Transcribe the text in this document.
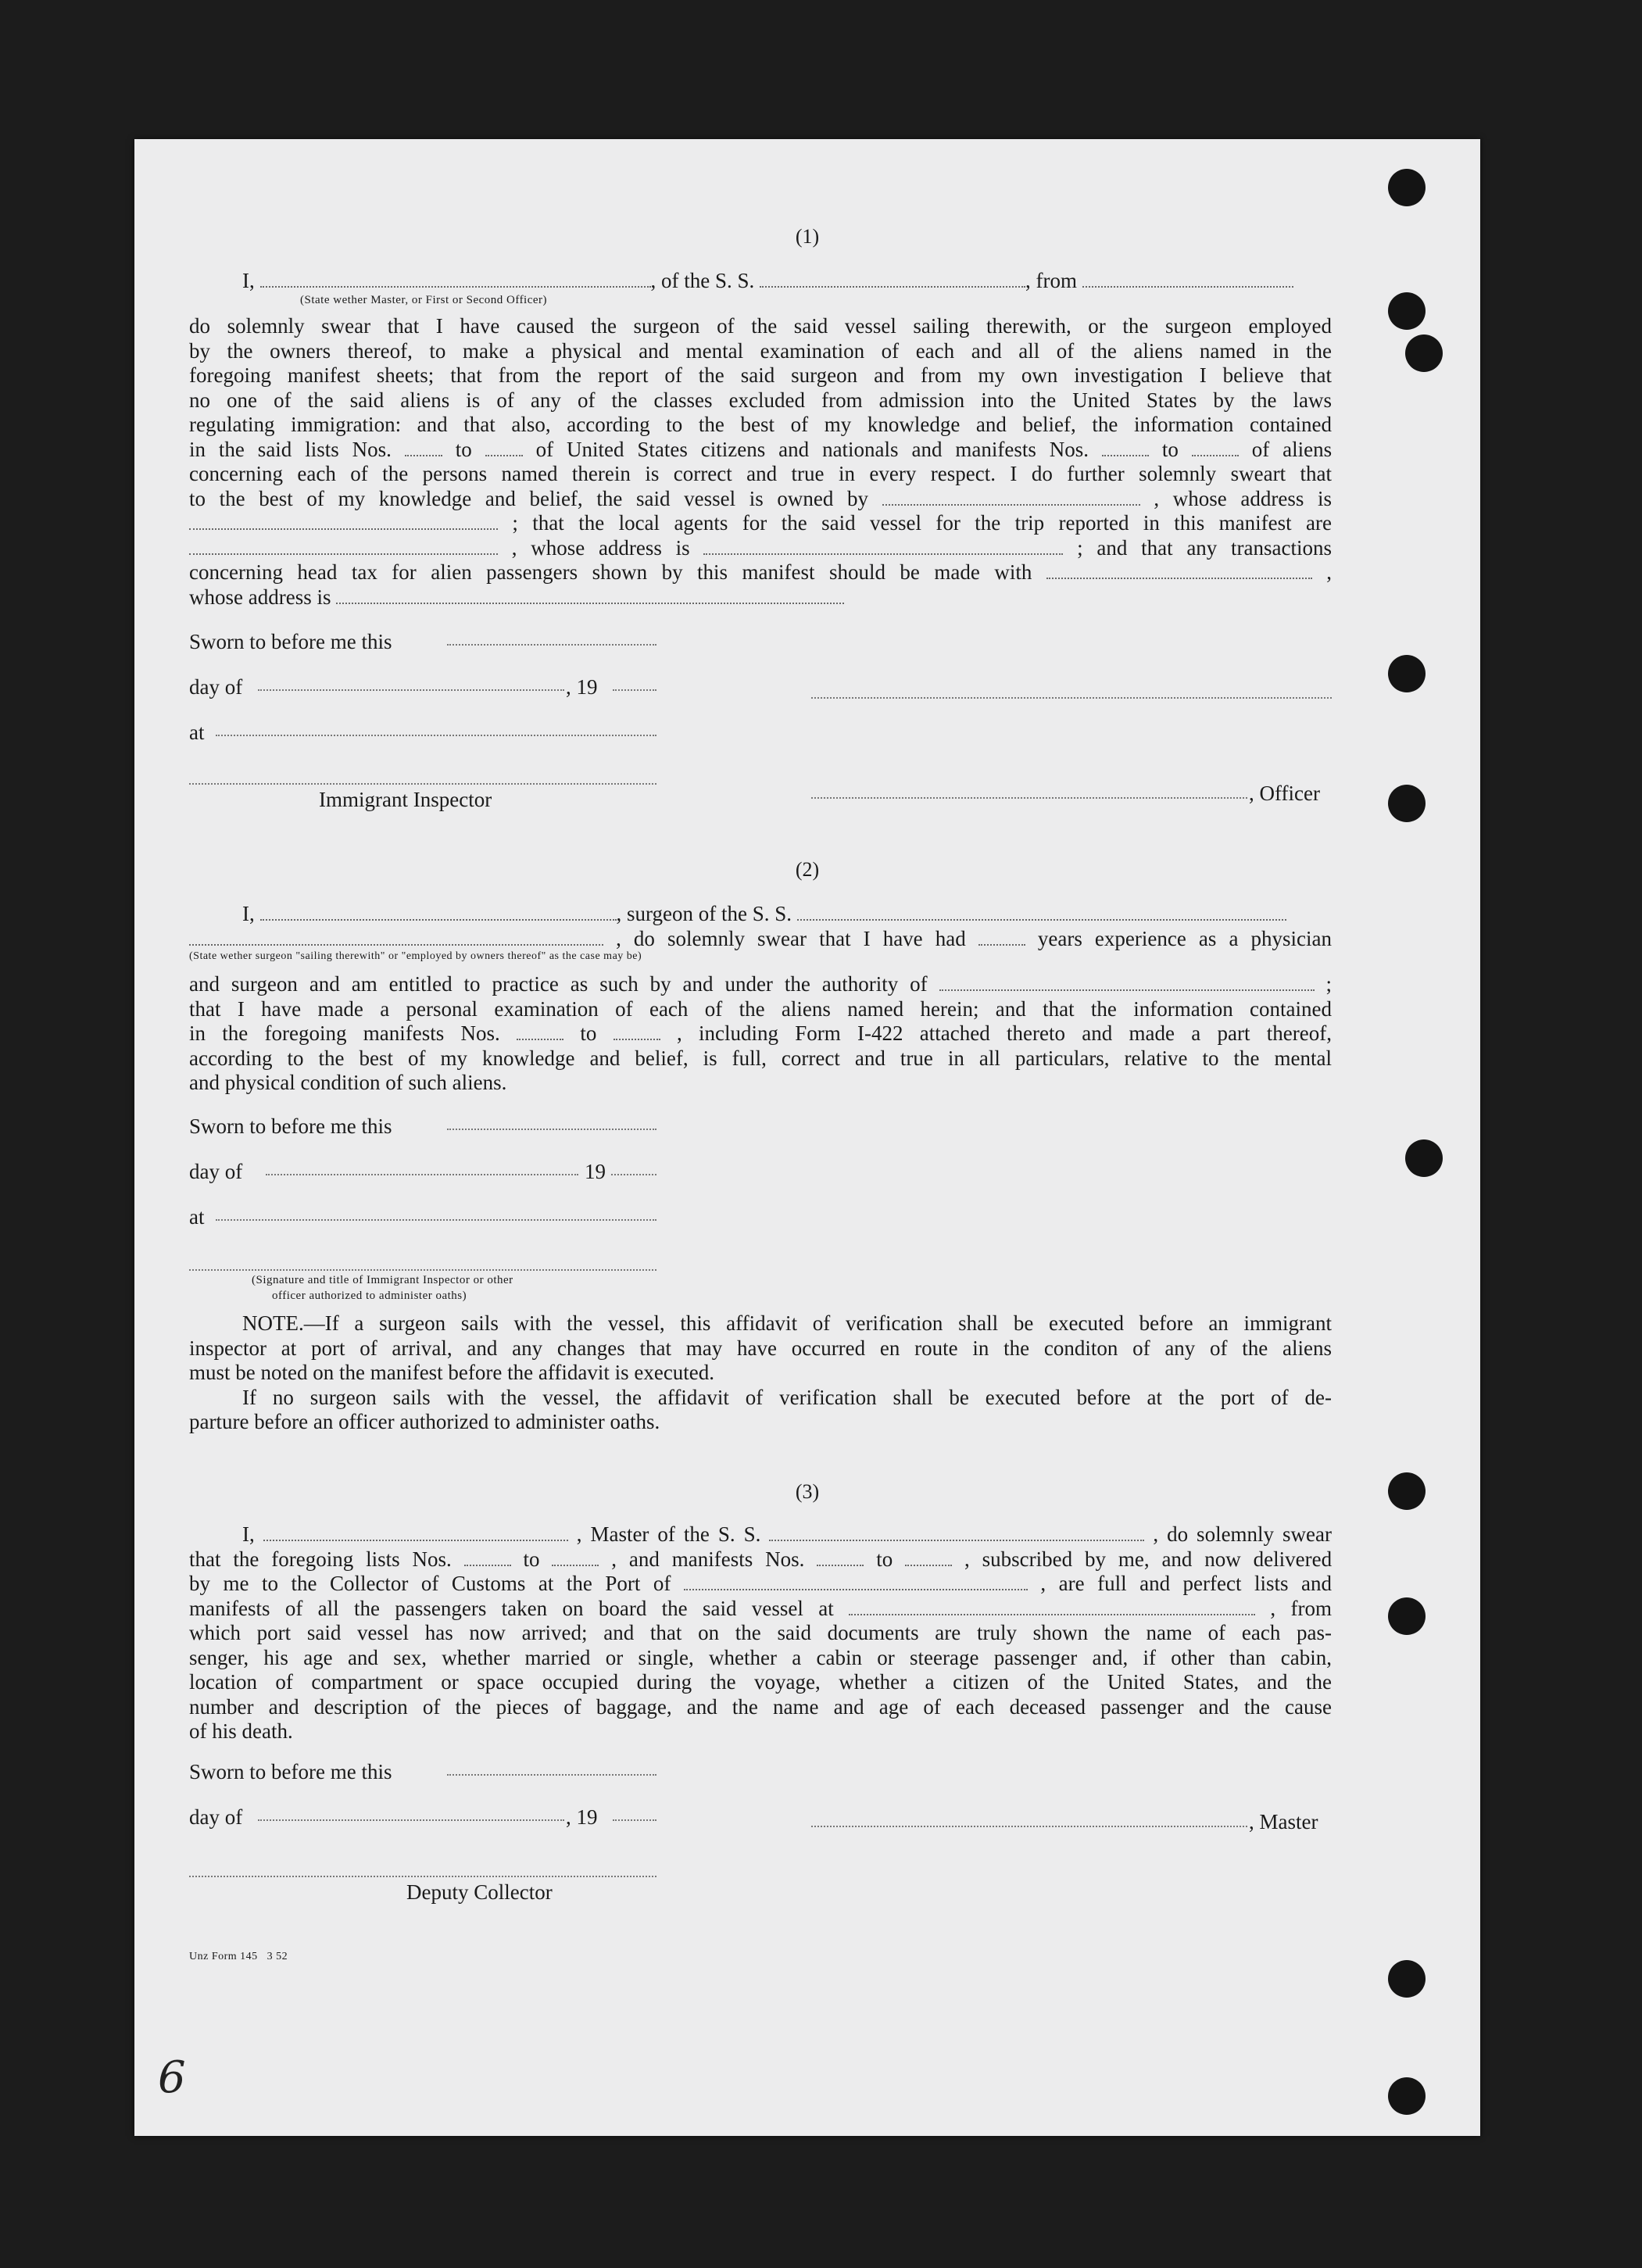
(1)
I,	, of the S. S.	, from
(State wether Master, or First or Second Officer)
do solemnly swear that I have caused the surgeon of the said vessel sailing therewith, or the surgeon employed
by the owners thereof, to make a physical and mental examination of each and all of the aliens named in the
foregoing manifest sheets; that from the report of the said surgeon and from my own investigation I believe that
no one of the said aliens is of any of the classes excluded from admission into the United States by the laws
regulating immigration: and that also, according to the best of my knowledge and belief, the information contained
in the said lists Nos.	to	of United States citizens and nationals and manifests Nos.	to	of aliens
concerning each of the persons named therein is correct and true in every respect. I do further solemnly sweart that
to the best of my knowledge and belief, the said vessel is owned by	, whose address is
; that the local agents for the said vessel for the trip reported in this manifest are
, whose address is	; and that any transactions
concerning head tax for alien passengers shown by this manifest should be made with	,
whose address is
Sworn to before me this
day of	, 19
at
Immigrant Inspector	, Officer
(2)
I,	, surgeon of the S. S.
, do solemnly swear that I have had	years experience as a physician
(State wether surgeon "sailing therewith" or "employed by owners thereof" as the case may be)
and surgeon and am entitled to practice as such by and under the authority of	;
that I have made a personal examination of each of the aliens named herein; and that the information contained
in the foregoing manifests Nos.	to	, including Form I-422 attached thereto and made a part thereof,
according to the best of my knowledge and belief, is full, correct and true in all particulars, relative to the mental
and physical condition of such aliens.
Sworn to before me this
day of	19
at
(Signature and title of Immigrant Inspector or other
officer authorized to administer oaths)
NOTE.—If a surgeon sails with the vessel, this affidavit of verification shall be executed before an immigrant
inspector at port of arrival, and any changes that may have occurred en route in the conditon of any of the aliens
must be noted on the manifest before the affidavit is executed.
If no surgeon sails with the vessel, the affidavit of verification shall be executed before at the port of de-
parture before an officer authorized to administer oaths.
(3)
I,	, Master of the S. S.	, do solemnly swear
that the foregoing lists Nos.	to	, and manifests Nos.	to	, subscribed by me, and now delivered
by me to the Collector of Customs at the Port of	, are full and perfect lists and
manifests of all the passengers taken on board the said vessel at	, from
which port said vessel has now arrived; and that on the said documents are truly shown the name of each pas-
senger, his age and sex, whether married or single, whether a cabin or steerage passenger and, if other than cabin,
location of compartment or space occupied during the voyage, whether a citizen of the United States, and the
number and description of the pieces of baggage, and the name and age of each deceased passenger and the cause
of his death.
Sworn to before me this
day of	, 19	, Master
Deputy Collector
Unz Form 145   3 52
6
